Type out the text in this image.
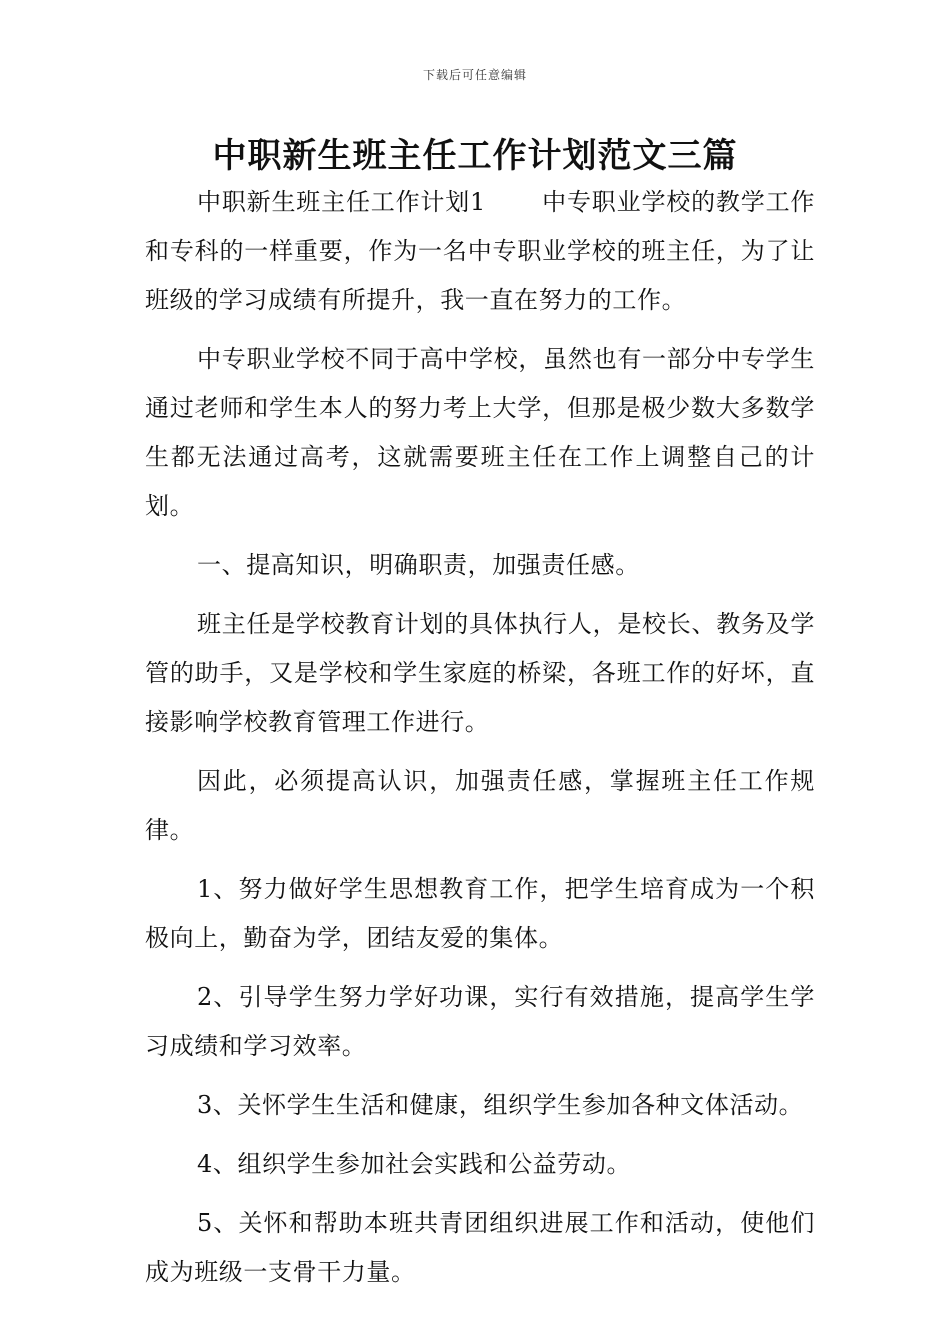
下载后可任意编辑
中职新生班主任工作计划范文三篇

中职新生班主任工作计划1 中专职业学校的教学工作和专科的一样重要，作为一名中专职业学校的班主任，为了让班级的学习成绩有所提升，我一直在努力的工作。

中专职业学校不同于高中学校，虽然也有一部分中专学生通过老师和学生本人的努力考上大学，但那是极少数大多数学生都无法通过高考，这就需要班主任在工作上调整自己的计划。

一、提高知识，明确职责，加强责任感。

班主任是学校教育计划的具体执行人，是校长、教务及学管的助手，又是学校和学生家庭的桥梁，各班工作的好坏，直接影响学校教育管理工作进行。

因此，必须提高认识，加强责任感，掌握班主任工作规律。

1、努力做好学生思想教育工作，把学生培育成为一个积极向上，勤奋为学，团结友爱的集体。

2、引导学生努力学好功课，实行有效措施，提高学生学习成绩和学习效率。

3、关怀学生生活和健康，组织学生参加各种文体活动。

4、组织学生参加社会实践和公益劳动。

5、关怀和帮助本班共青团组织进展工作和活动，使他们成为班级一支骨干力量。
